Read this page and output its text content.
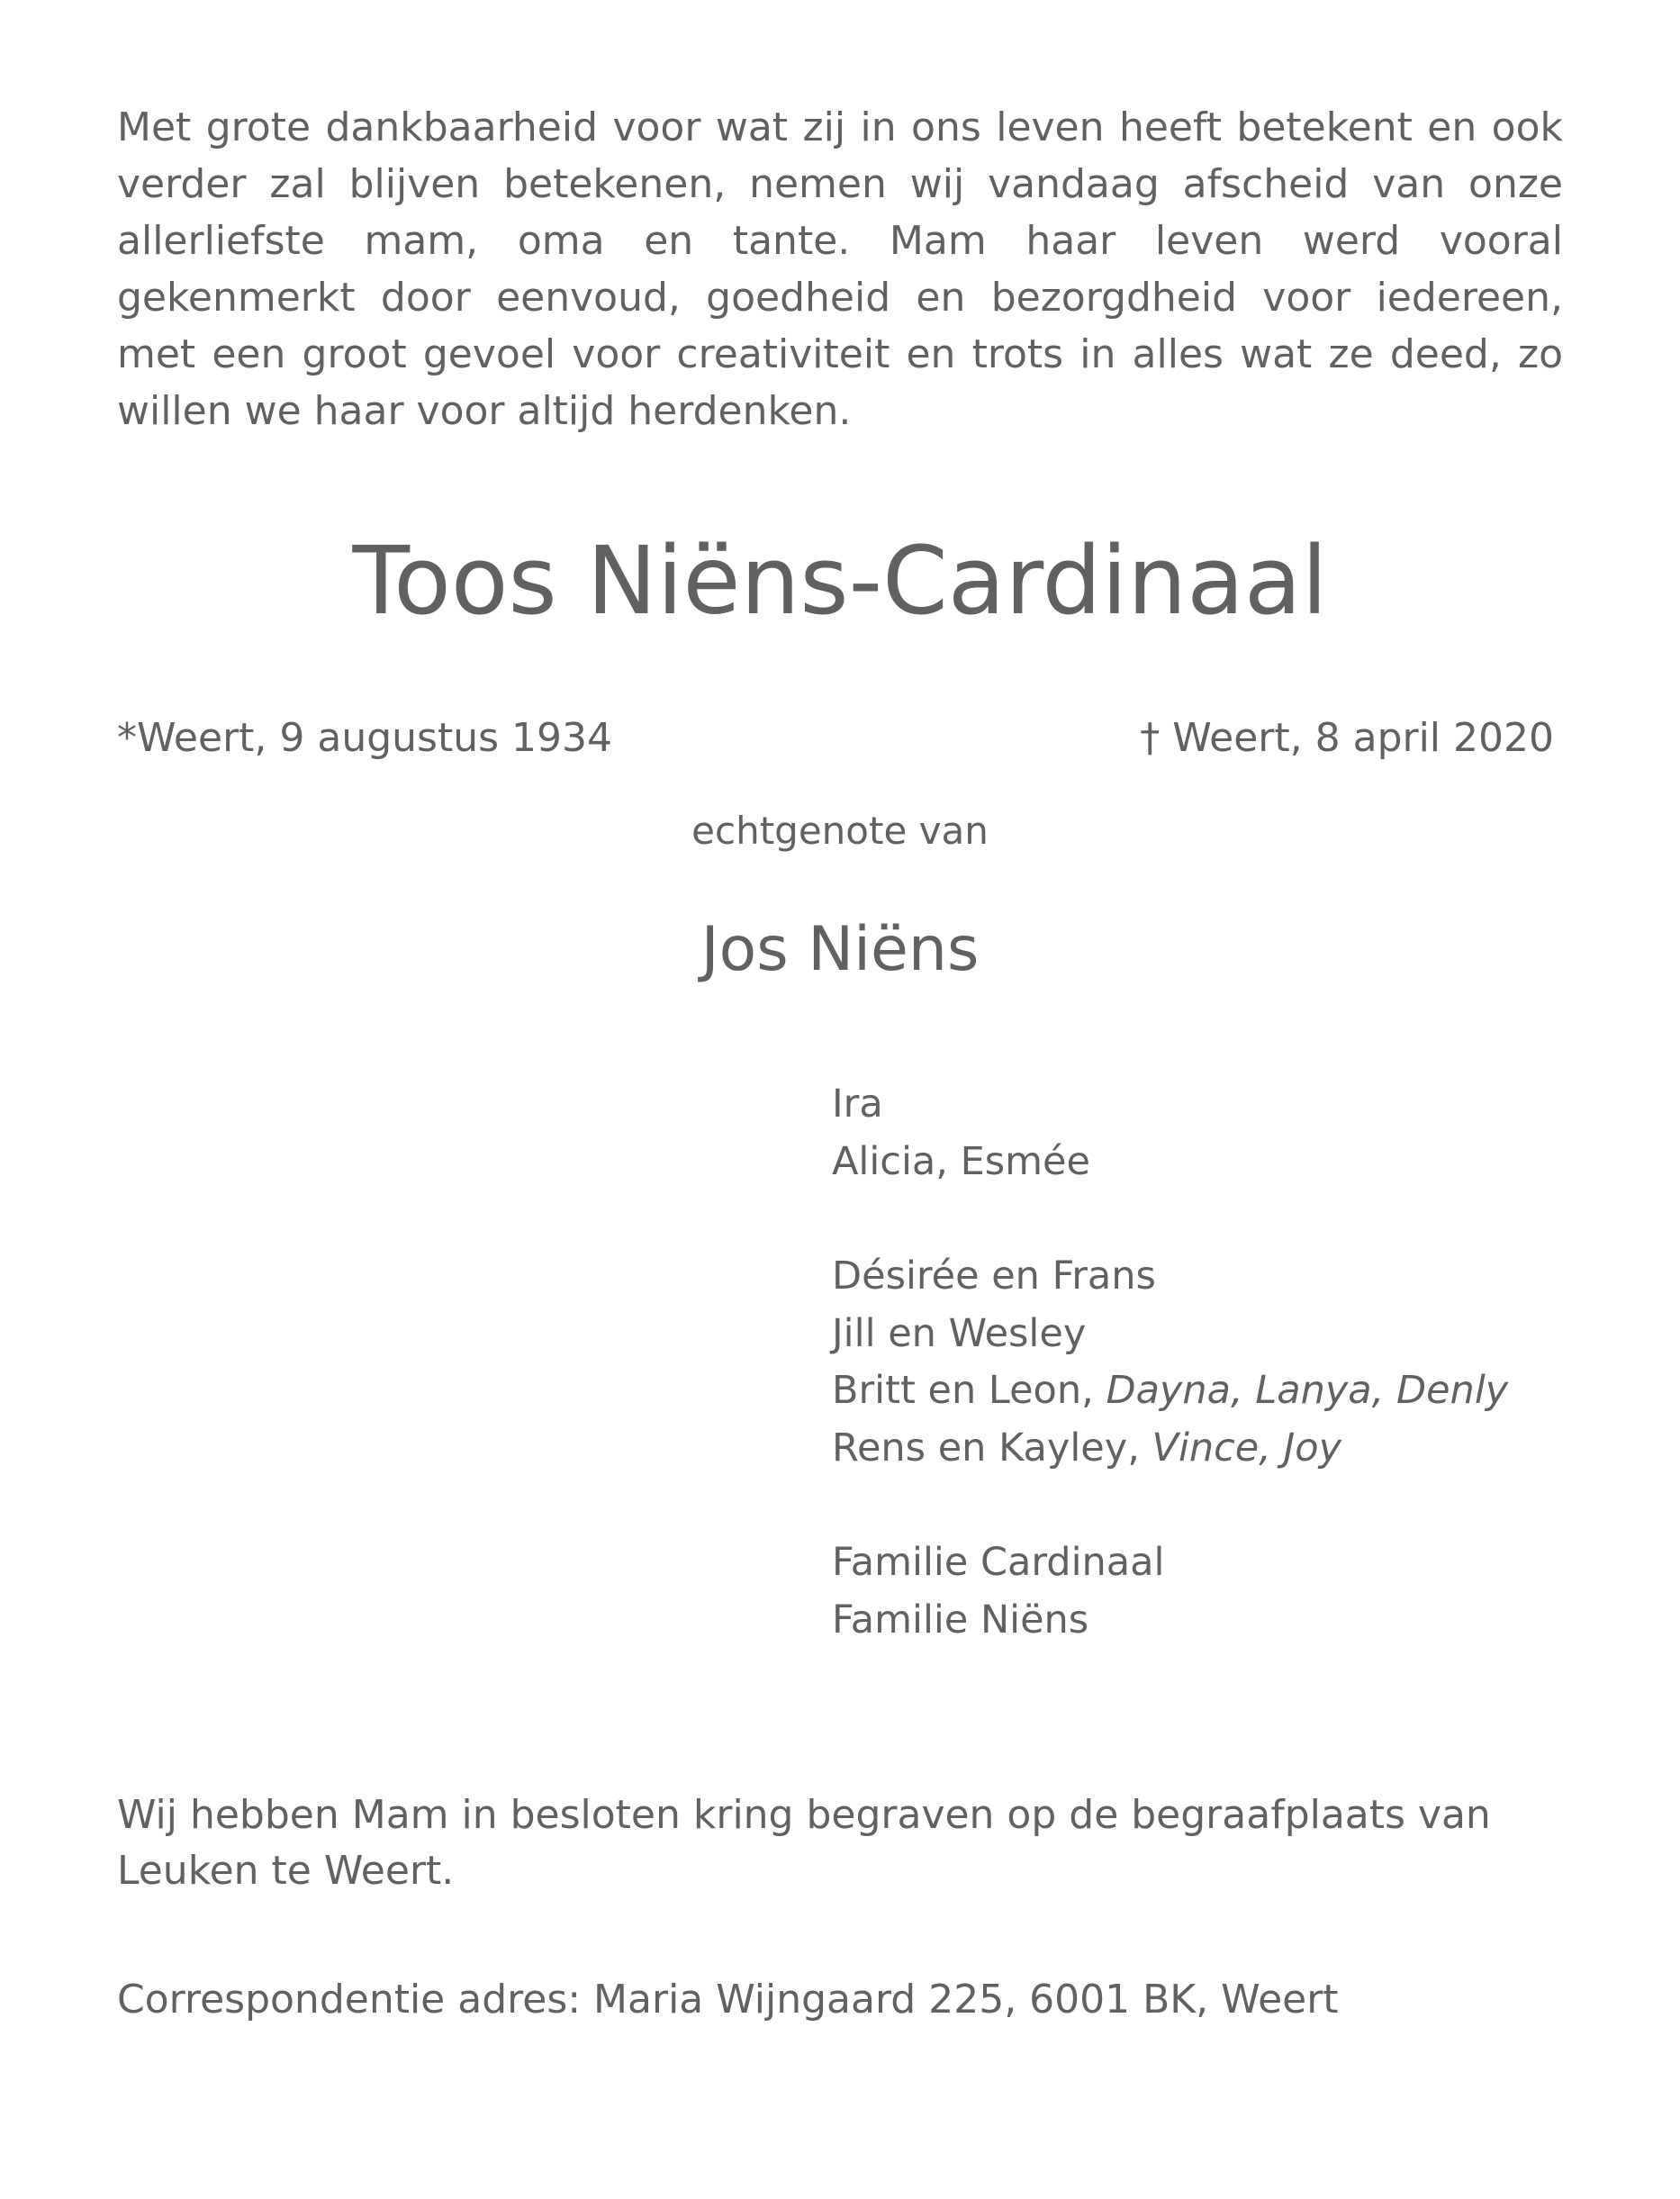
Met grote dankbaarheid voor wat zij in ons leven heeft betekent en ook verder zal blijven betekenen, nemen wij vandaag afscheid van onze allerliefste mam, oma en tante. Mam haar leven werd vooral gekenmerkt door eenvoud, goedheid en bezorgdheid voor iedereen, met een groot gevoel voor creativiteit en trots in alles wat ze deed, zo willen we haar voor altijd herdenken.

Toos Niëns-Cardinaal

*Weert, 9 augustus 1934	† Weert, 8 april 2020

echtgenote van

Jos Niëns
Ira
Alicia, Esmée
Désirée en Frans
Jill en Wesley
Britt en Leon, Dayna, Lanya, Denly
Rens en Kayley, Vince, Joy
Familie Cardinaal
Familie Niëns

Wij hebben Mam in besloten kring begraven op de begraafplaats van Leuken te Weert.

Correspondentie adres: Maria Wijngaard 225, 6001 BK, Weert
